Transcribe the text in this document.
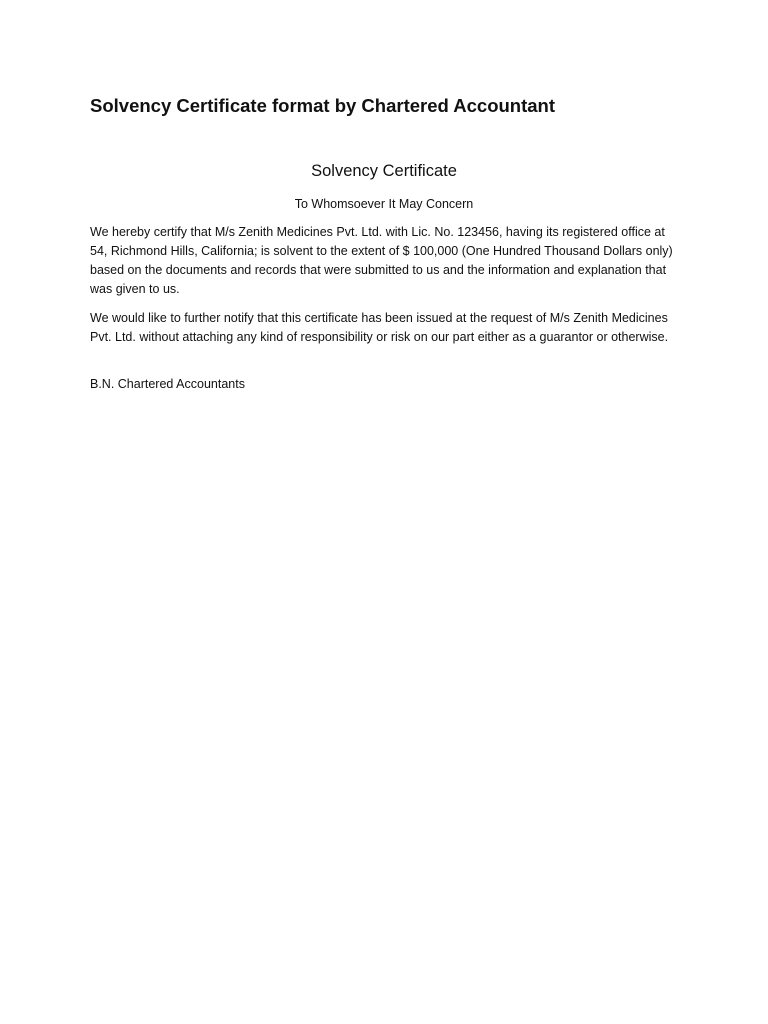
Solvency Certificate format by Chartered Accountant
Solvency Certificate
To Whomsoever It May Concern

We hereby certify that M/s Zenith Medicines Pvt. Ltd. with Lic. No. 123456, having its registered office at 54, Richmond Hills, California; is solvent to the extent of $ 100,000 (One Hundred Thousand Dollars only) based on the documents and records that were submitted to us and the information and explanation that was given to us.

We would like to further notify that this certificate has been issued at the request of M/s Zenith Medicines Pvt. Ltd. without attaching any kind of responsibility or risk on our part either as a guarantor or otherwise.

B.N. Chartered Accountants
